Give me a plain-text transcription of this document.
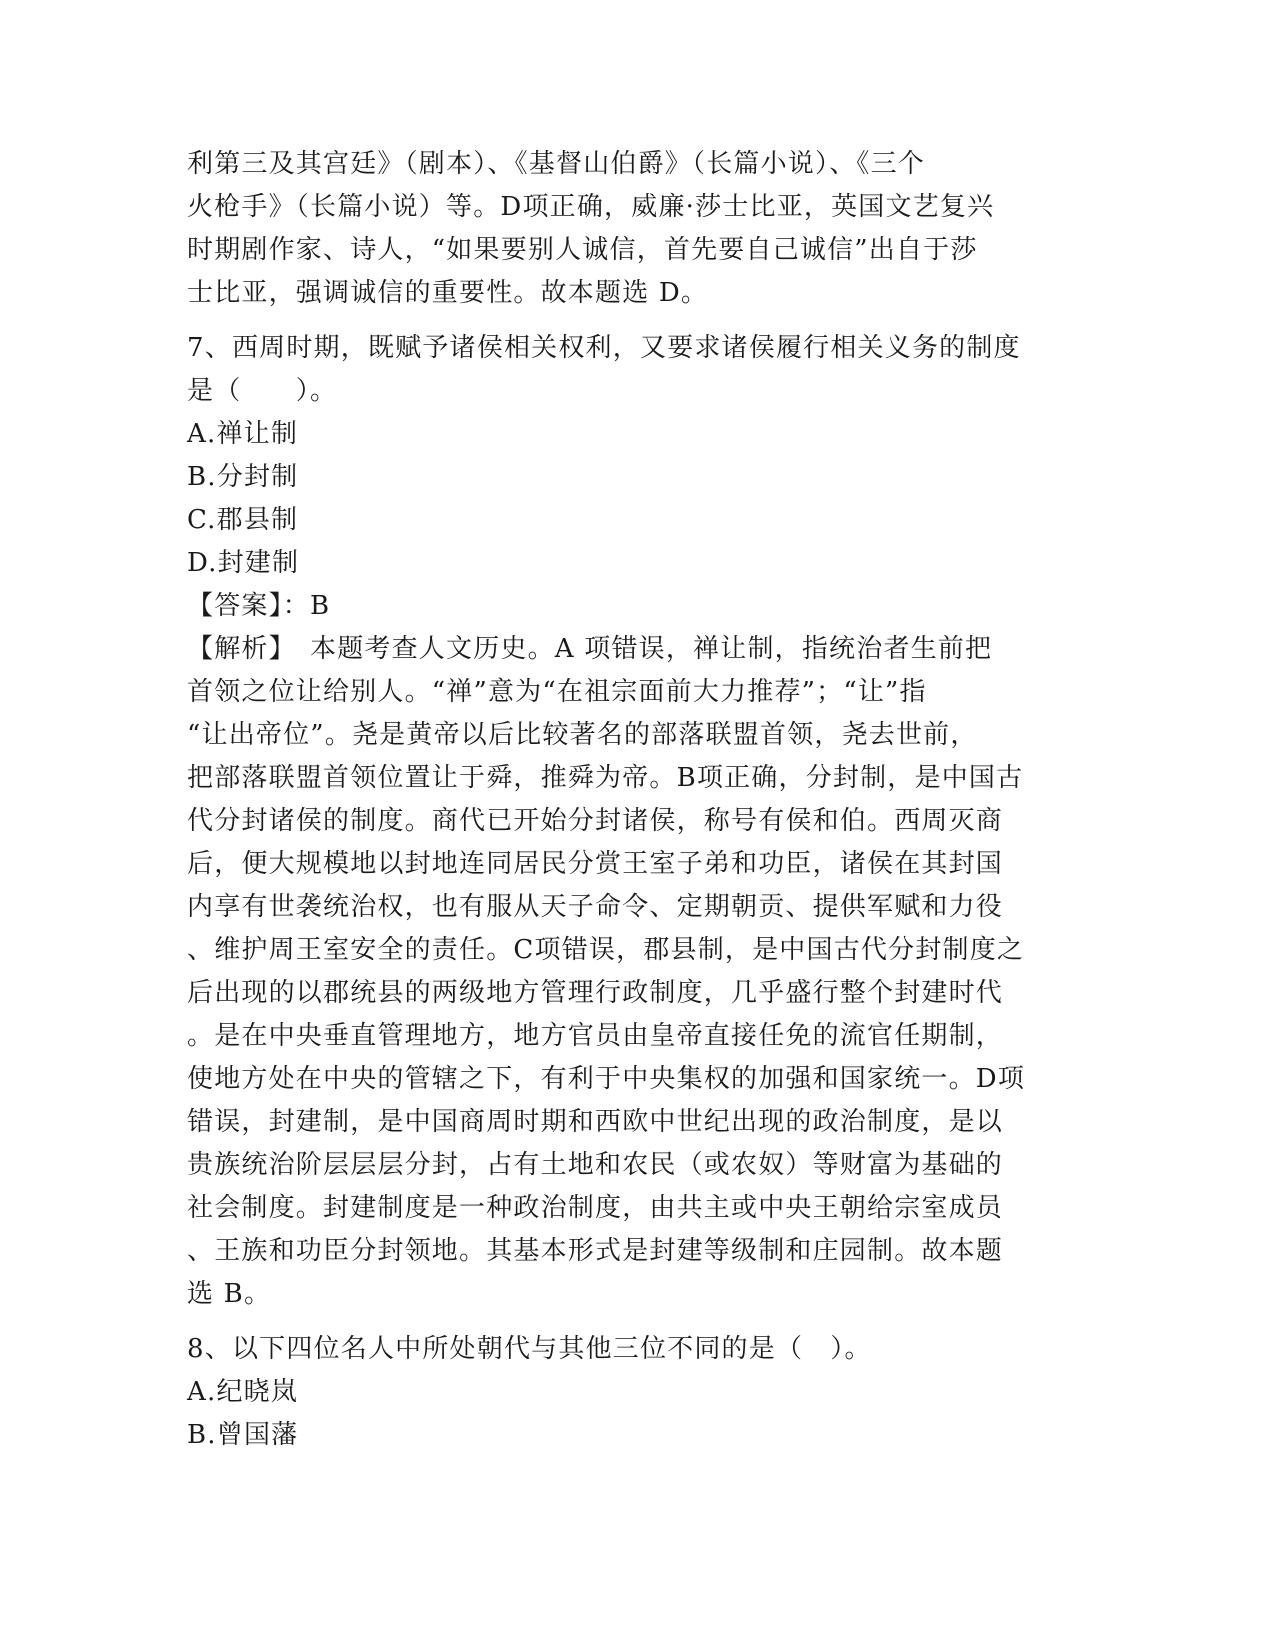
利第三及其宫廷》（剧本）、《基督山伯爵》（长篇小说）、《三个
火枪手》（长篇小说）等。D项正确，威廉·莎士比亚，英国文艺复兴
时期剧作家、诗人，“如果要别人诚信，首先要自己诚信”出自于莎
士比亚，强调诚信的重要性。故本题选 D。
7、西周时期，既赋予诸侯相关权利，又要求诸侯履行相关义务的制度
是（　　）。
A.禅让制
B.分封制
C.郡县制
D.封建制
【答案】：B
【解析】　本题考查人文历史。A 项错误，禅让制，指统治者生前把
首领之位让给别人。“禅”意为“在祖宗面前大力推荐”；“让”指
“让出帝位”。尧是黄帝以后比较著名的部落联盟首领，尧去世前，
把部落联盟首领位置让于舜，推舜为帝。B项正确，分封制，是中国古
代分封诸侯的制度。商代已开始分封诸侯，称号有侯和伯。西周灭商
后，便大规模地以封地连同居民分赏王室子弟和功臣，诸侯在其封国
内享有世袭统治权，也有服从天子命令、定期朝贡、提供军赋和力役
、维护周王室安全的责任。C项错误，郡县制，是中国古代分封制度之
后出现的以郡统县的两级地方管理行政制度，几乎盛行整个封建时代
。是在中央垂直管理地方，地方官员由皇帝直接任免的流官任期制，
使地方处在中央的管辖之下，有利于中央集权的加强和国家统一。D项
错误，封建制，是中国商周时期和西欧中世纪出现的政治制度，是以
贵族统治阶层层层分封，占有土地和农民（或农奴）等财富为基础的
社会制度。封建制度是一种政治制度，由共主或中央王朝给宗室成员
、王族和功臣分封领地。其基本形式是封建等级制和庄园制。故本题
选 B。
8、以下四位名人中所处朝代与其他三位不同的是（　）。
A.纪晓岚
B.曾国藩
